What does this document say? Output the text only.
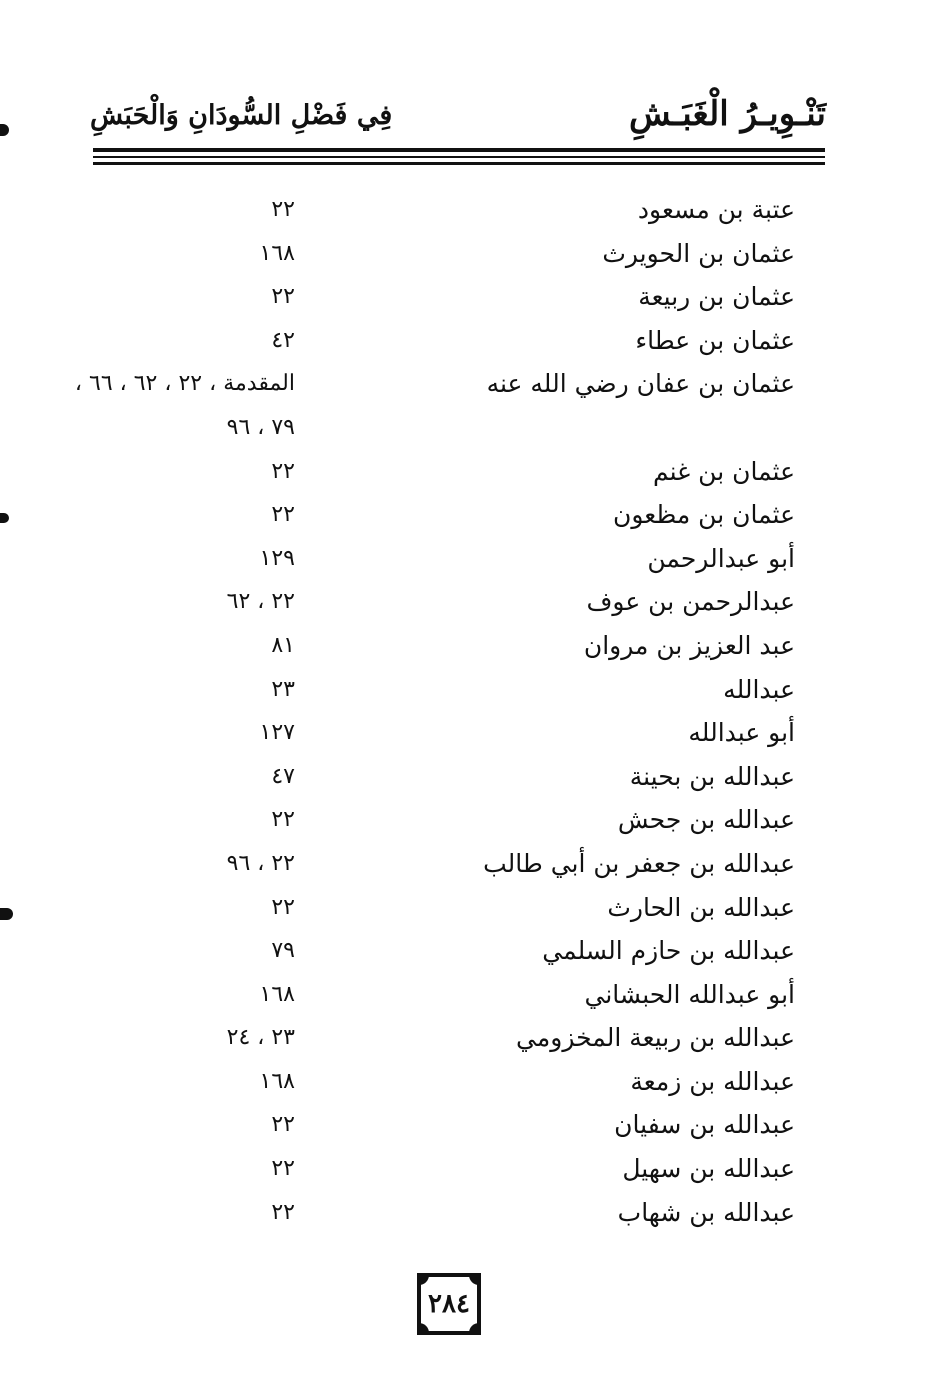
تَنْـوِيـرُ الْغَبَـشِ
فِي فَضْلِ السُّودَانِ وَالْحَبَشِ
عتبة بن مسعود
٢٢
عثمان بن الحويرث
١٦٨
عثمان بن ربيعة
٢٢
عثمان بن عطاء
٤٢
عثمان بن عفان رضي الله عنه
المقدمة ، ٢٢ ، ٦٢ ، ٦٦ ،
٧٩ ، ٩٦
عثمان بن غنم
٢٢
عثمان بن مظعون
٢٢
أبو عبدالرحمن
١٢٩
عبدالرحمن بن عوف
٢٢ ، ٦٢
عبد العزيز بن مروان
٨١
عبدالله
٢٣
أبو عبدالله
١٢٧
عبدالله بن بحينة
٤٧
عبدالله بن جحش
٢٢
عبدالله بن جعفر بن أبي طالب
٢٢ ، ٩٦
عبدالله بن الحارث
٢٢
عبدالله بن حازم السلمي
٧٩
أبو عبدالله الحبشاني
١٦٨
عبدالله بن ربيعة المخزومي
٢٣ ، ٢٤
عبدالله بن زمعة
١٦٨
عبدالله بن سفيان
٢٢
عبدالله بن سهيل
٢٢
عبدالله بن شهاب
٢٢
٢٨٤
